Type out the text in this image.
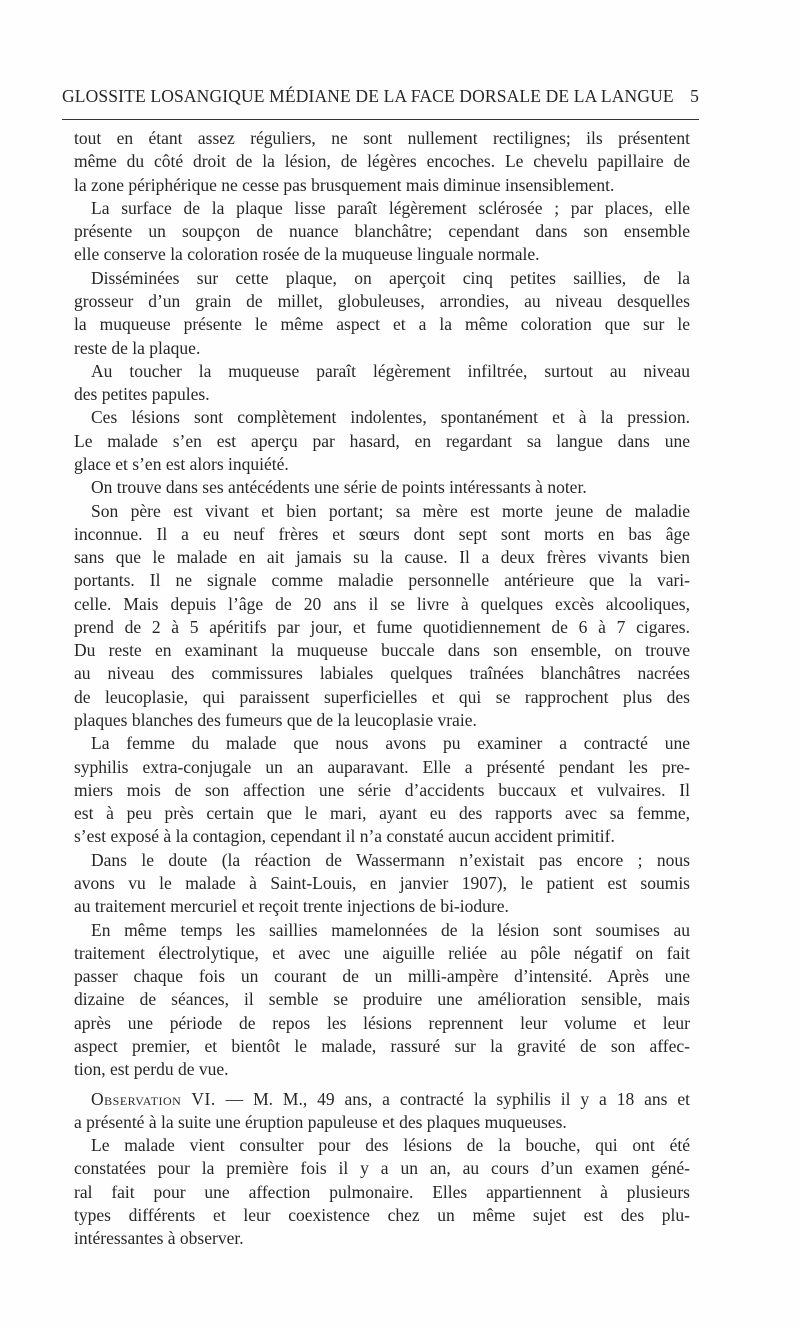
GLOSSITE LOSANGIQUE MÉDIANE DE LA FACE DORSALE DE LA LANGUE 5

tout en étant assez réguliers, ne sont nullement rectilignes; ils présentent
même du côté droit de la lésion, de légères encoches. Le chevelu papillaire de
la zone périphérique ne cesse pas brusquement mais diminue insensiblement.

La surface de la plaque lisse paraît légèrement sclérosée ; par places, elle
présente un soupçon de nuance blanchâtre; cependant dans son ensemble
elle conserve la coloration rosée de la muqueuse linguale normale.

Disséminées sur cette plaque, on aperçoit cinq petites saillies, de la
grosseur d’un grain de millet, globuleuses, arrondies, au niveau desquelles
la muqueuse présente le même aspect et a la même coloration que sur le
reste de la plaque.

Au toucher la muqueuse paraît légèrement infiltrée, surtout au niveau
des petites papules.

Ces lésions sont complètement indolentes, spontanément et à la pression.
Le malade s’en est aperçu par hasard, en regardant sa langue dans une
glace et s’en est alors inquiété.

On trouve dans ses antécédents une série de points intéressants à noter.

Son père est vivant et bien portant; sa mère est morte jeune de maladie
inconnue. Il a eu neuf frères et sœurs dont sept sont morts en bas âge
sans que le malade en ait jamais su la cause. Il a deux frères vivants bien
portants. Il ne signale comme maladie personnelle antérieure que la vari-
celle. Mais depuis l’âge de 20 ans il se livre à quelques excès alcooliques,
prend de 2 à 5 apéritifs par jour, et fume quotidiennement de 6 à 7 cigares.
Du reste en examinant la muqueuse buccale dans son ensemble, on trouve
au niveau des commissures labiales quelques traînées blanchâtres nacrées
de leucoplasie, qui paraissent superficielles et qui se rapprochent plus des
plaques blanches des fumeurs que de la leucoplasie vraie.

La femme du malade que nous avons pu examiner a contracté une
syphilis extra-conjugale un an auparavant. Elle a présenté pendant les pre-
miers mois de son affection une série d’accidents buccaux et vulvaires. Il
est à peu près certain que le mari, ayant eu des rapports avec sa femme,
s’est exposé à la contagion, cependant il n’a constaté aucun accident primitif.

Dans le doute (la réaction de Wassermann n’existait pas encore ; nous
avons vu le malade à Saint-Louis, en janvier 1907), le patient est soumis
au traitement mercuriel et reçoit trente injections de bi-iodure.

En même temps les saillies mamelonnées de la lésion sont soumises au
traitement électrolytique, et avec une aiguille reliée au pôle négatif on fait
passer chaque fois un courant de un milli-ampère d’intensité. Après une
dizaine de séances, il semble se produire une amélioration sensible, mais
après une période de repos les lésions reprennent leur volume et leur
aspect premier, et bientôt le malade, rassuré sur la gravité de son affec-
tion, est perdu de vue.

Observation VI. — M. M., 49 ans, a contracté la syphilis il y a 18 ans et
a présenté à la suite une éruption papuleuse et des plaques muqueuses.

Le malade vient consulter pour des lésions de la bouche, qui ont été
constatées pour la première fois il y a un an, au cours d’un examen géné-
ral fait pour une affection pulmonaire. Elles appartiennent à plusieurs
types différents et leur coexistence chez un même sujet est des plu-
intéressantes à observer.
